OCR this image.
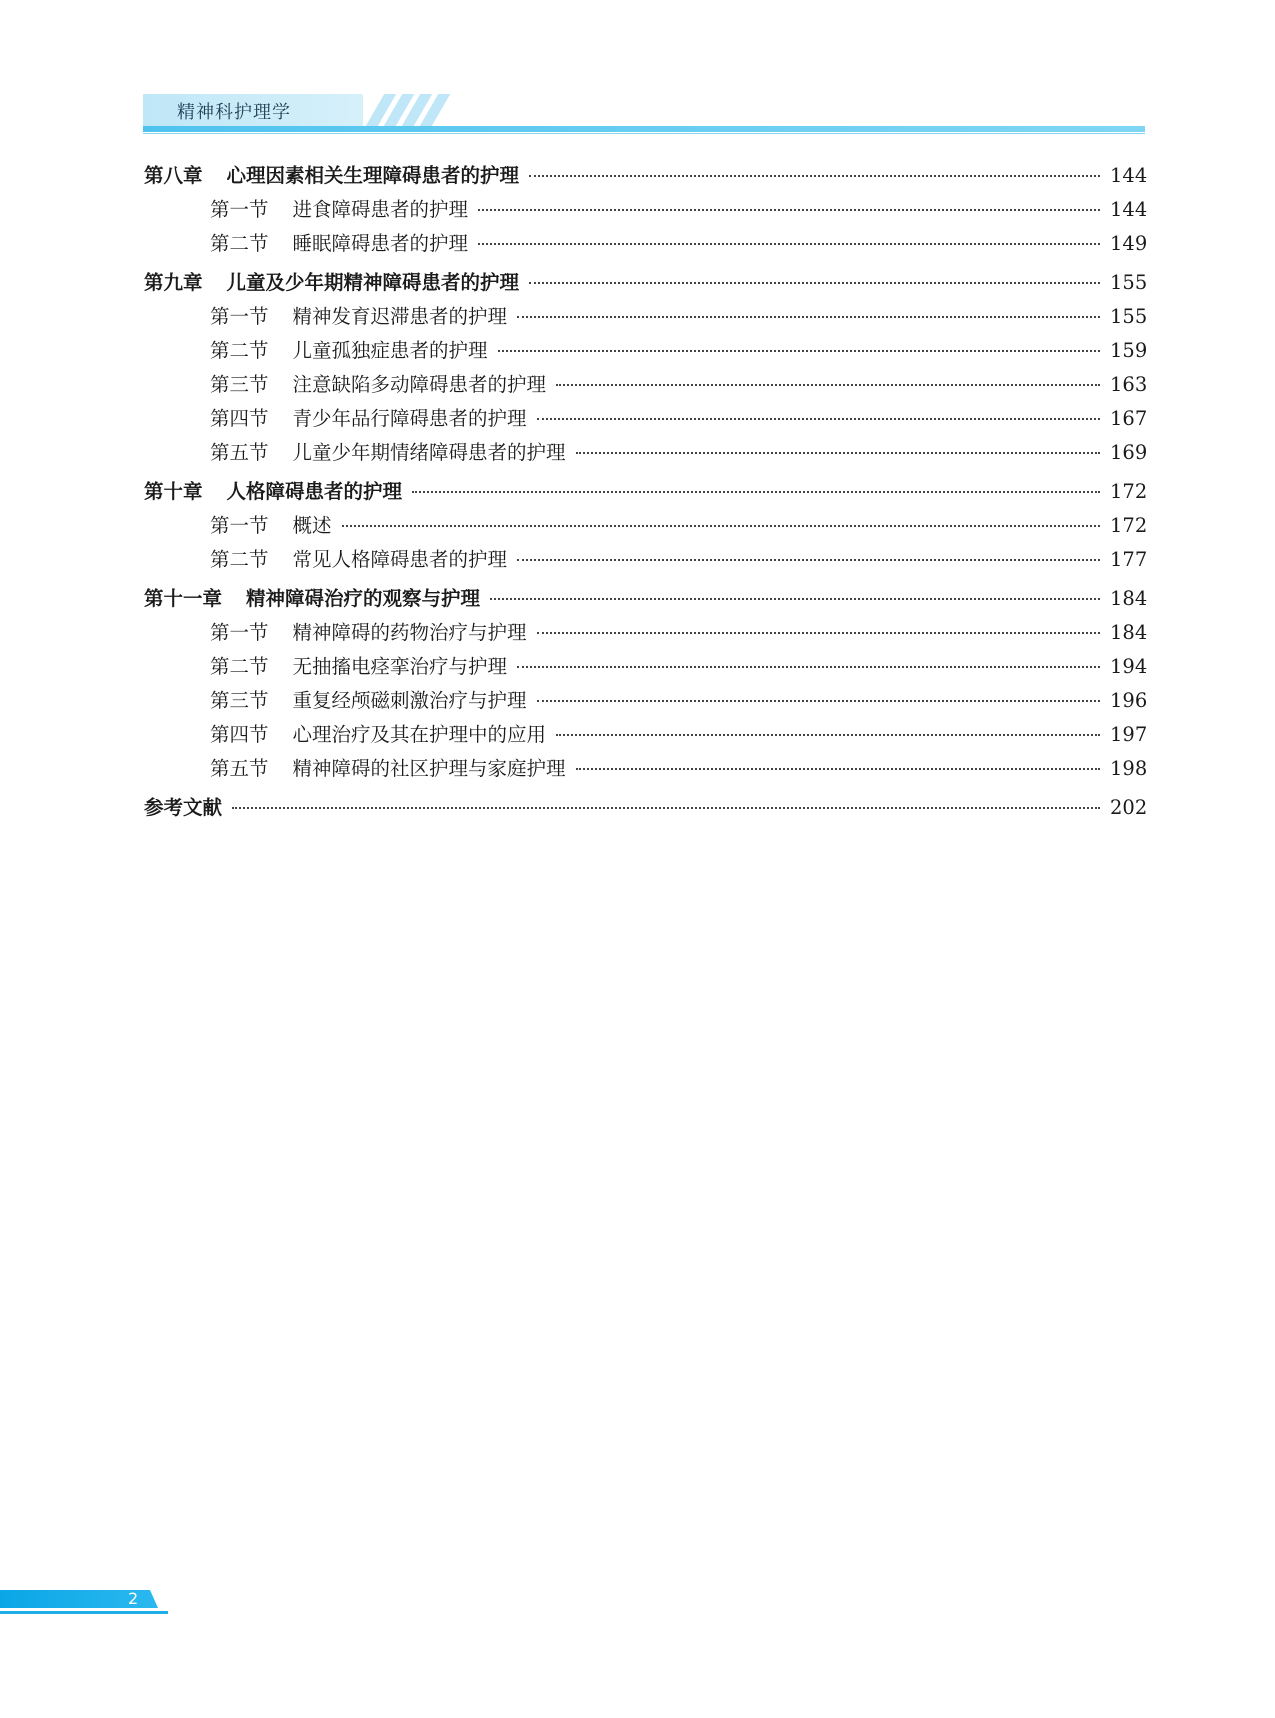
精神科护理学
第八章 心理因素相关生理障碍患者的护理	144
第一节 进食障碍患者的护理	144
第二节 睡眠障碍患者的护理	149
第九章 儿童及少年期精神障碍患者的护理	155
第一节 精神发育迟滞患者的护理	155
第二节 儿童孤独症患者的护理	159
第三节 注意缺陷多动障碍患者的护理	163
第四节 青少年品行障碍患者的护理	167
第五节 儿童少年期情绪障碍患者的护理	169
第十章 人格障碍患者的护理	172
第一节 概述	172
第二节 常见人格障碍患者的护理	177
第十一章 精神障碍治疗的观察与护理	184
第一节 精神障碍的药物治疗与护理	184
第二节 无抽搐电痉挛治疗与护理	194
第三节 重复经颅磁刺激治疗与护理	196
第四节 心理治疗及其在护理中的应用	197
第五节 精神障碍的社区护理与家庭护理	198
参考文献	202
2
